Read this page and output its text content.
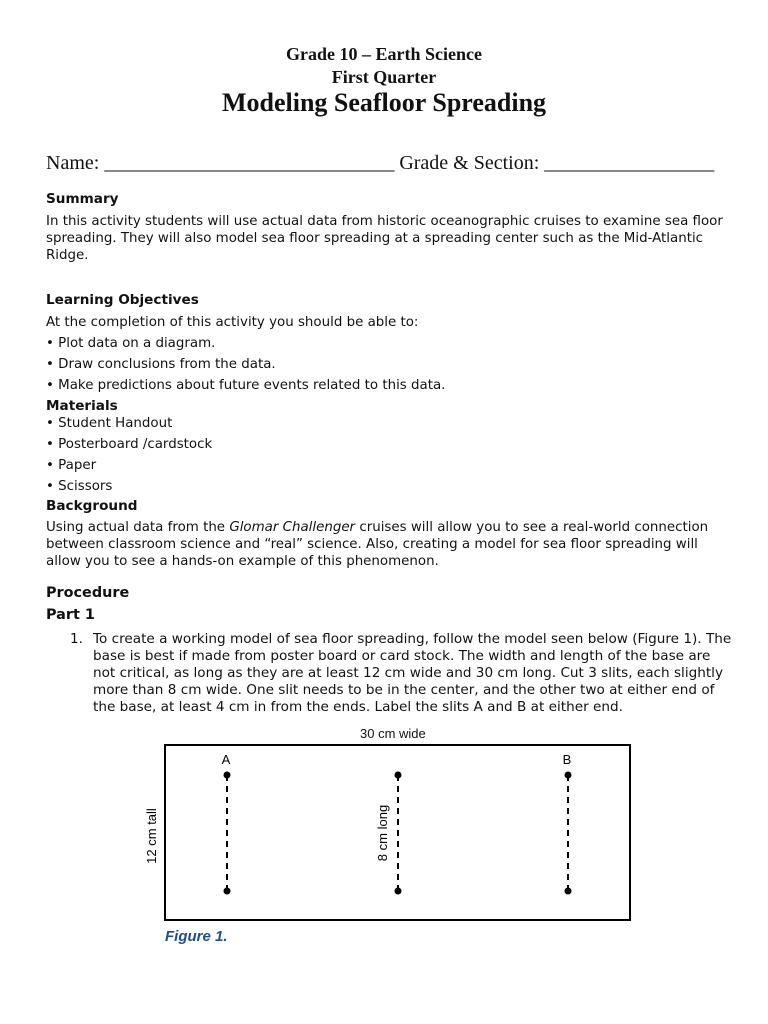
Grade 10 – Earth Science
First Quarter
Modeling Seafloor Spreading
Name: _____________________________ Grade & Section: _________________
Summary
In this activity students will use actual data from historic oceanographic cruises to examine sea floor spreading. They will also model sea floor spreading at a spreading center such as the Mid-Atlantic Ridge.
Learning Objectives
At the completion of this activity you should be able to:
• Plot data on a diagram.
• Draw conclusions from the data.
• Make predictions about future events related to this data.
Materials
• Student Handout
• Posterboard /cardstock
• Paper
• Scissors
Background
Using actual data from the Glomar Challenger cruises will allow you to see a real-world connection between classroom science and “real” science. Also, creating a model for sea floor spreading will allow you to see a hands-on example of this phenomenon.
Procedure
Part 1
1. To create a working model of sea floor spreading, follow the model seen below (Figure 1). The base is best if made from poster board or card stock. The width and length of the base are not critical, as long as they are at least 12 cm wide and 30 cm long. Cut 3 slits, each slightly more than 8 cm wide. One slit needs to be in the center, and the other two at either end of the base, at least 4 cm in from the ends. Label the slits A and B at either end.
30 cm wide
12 cm tall
A
8 cm long
B
Figure 1.
